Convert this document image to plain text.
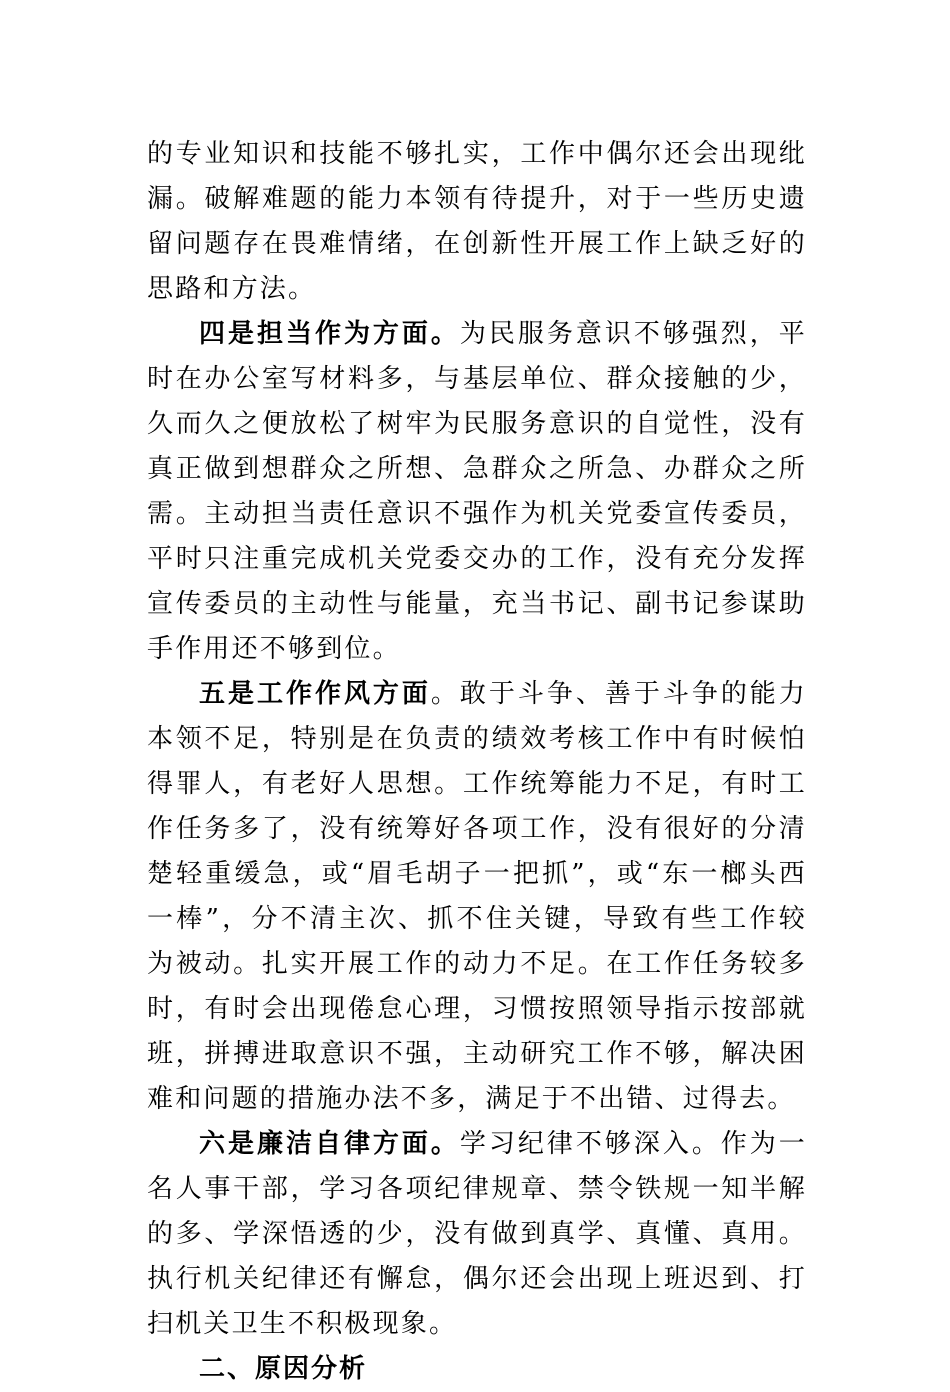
的专业知识和技能不够扎实，工作中偶尔还会出现纰漏。破解难题的能力本领有待提升，对于一些历史遗留问题存在畏难情绪，在创新性开展工作上缺乏好的思路和方法。

四是担当作为方面。为民服务意识不够强烈，平时在办公室写材料多，与基层单位、群众接触的少，久而久之便放松了树牢为民服务意识的自觉性，没有真正做到想群众之所想、急群众之所急、办群众之所需。主动担当责任意识不强作为机关党委宣传委员，平时只注重完成机关党委交办的工作，没有充分发挥宣传委员的主动性与能量，充当书记、副书记参谋助手作用还不够到位。

五是工作作风方面。敢于斗争、善于斗争的能力本领不足，特别是在负责的绩效考核工作中有时候怕得罪人，有老好人思想。工作统筹能力不足，有时工作任务多了，没有统筹好各项工作，没有很好的分清楚轻重缓急，或“眉毛胡子一把抓”，或“东一榔头西一棒”，分不清主次、抓不住关键，导致有些工作较为被动。扎实开展工作的动力不足。在工作任务较多时，有时会出现倦怠心理，习惯按照领导指示按部就班，拼搏进取意识不强，主动研究工作不够，解决困难和问题的措施办法不多，满足于不出错、过得去。

六是廉洁自律方面。学习纪律不够深入。作为一名人事干部，学习各项纪律规章、禁令铁规一知半解的多、学深悟透的少，没有做到真学、真懂、真用。执行机关纪律还有懈怠，偶尔还会出现上班迟到、打扫机关卫生不积极现象。

二、原因分析
